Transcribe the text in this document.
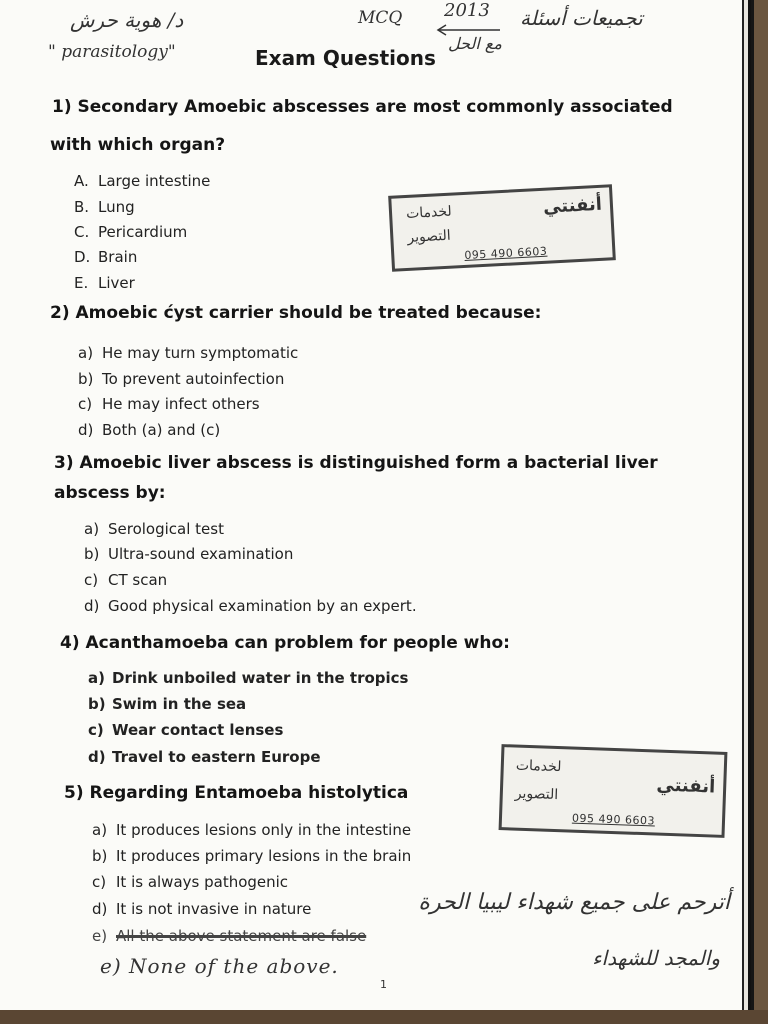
د/ هوية حرش
" parasitology"
MCQ 2013 تجميعات أسئلة
مع الحل
Exam Questions
1) Secondary Amoebic abscesses are most commonly associated
with which organ?
A. Large intestine
B. Lung
C. Pericardium
D. Brain
E. Liver
أنفنتي
لخدمات
التصوير
095 490 6603
2) Amoebic ćyst carrier should be treated because:
a) He may turn symptomatic
b) To prevent autoinfection
c) He may infect others
d) Both (a) and (c)
3) Amoebic liver abscess is distinguished form a bacterial liver
abscess by:
a) Serological test
b) Ultra-sound examination
c) CT scan
d) Good physical examination by an expert.
4) Acanthamoeba can problem for people who:
a) Drink unboiled water in the tropics
b) Swim in the sea
c) Wear contact lenses
d) Travel to eastern Europe
أنفنتي
لخدمات
التصوير
095 490 6603
5) Regarding Entamoeba histolytica
a) It produces lesions only in the intestine
b) It produces primary lesions in the brain
c) It is always pathogenic
d) It is not invasive in nature
e) All the above statement are false
e) None of the above.
أترحم على جميع شهداء ليبيا الحرة
والمجد للشهداء
1
